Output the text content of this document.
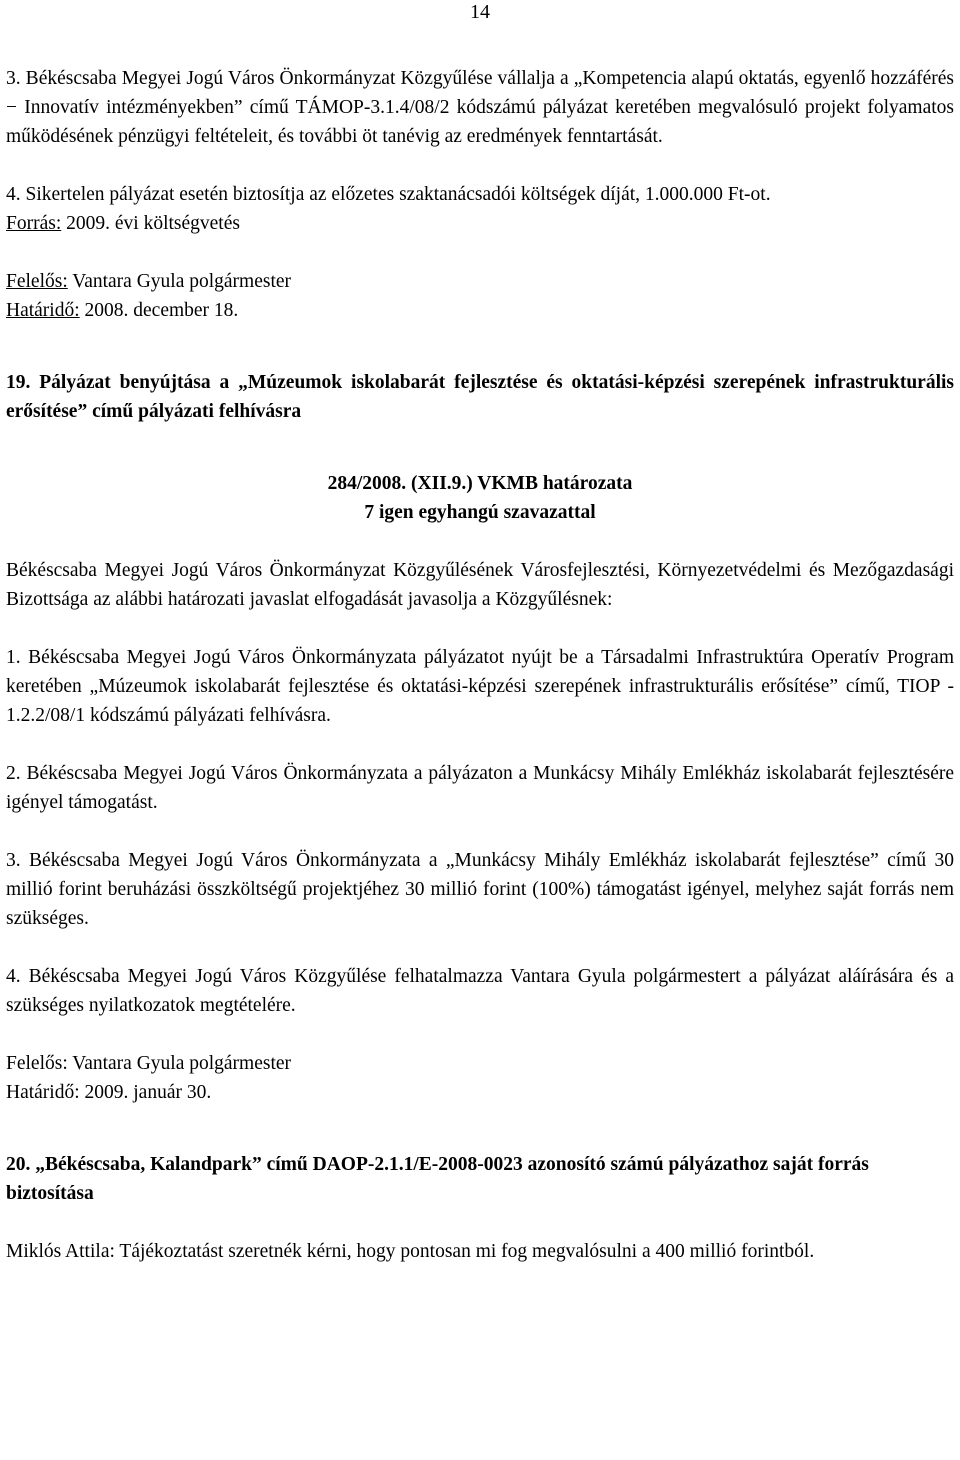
14

3. Békéscsaba Megyei Jogú Város Önkormányzat Közgyűlése vállalja a „Kompetencia alapú oktatás, egyenlő hozzáférés − Innovatív intézményekben” című TÁMOP-3.1.4/08/2 kódszámú pályázat keretében megvalósuló projekt folyamatos működésének pénzügyi feltételeit, és további öt tanévig az eredmények fenntartását.

4. Sikertelen pályázat esetén biztosítja az előzetes szaktanácsadói költségek díját, 1.000.000 Ft-ot.

Forrás: 2009. évi költségvetés

Felelős: Vantara Gyula polgármester

Határidő: 2008. december 18.

19. Pályázat benyújtása a „Múzeumok iskolabarát fejlesztése és oktatási-képzési szerepének infrastrukturális erősítése” című pályázati felhívásra

284/2008. (XII.9.) VKMB határozata

7 igen egyhangú szavazattal

Békéscsaba Megyei Jogú Város Önkormányzat Közgyűlésének Városfejlesztési, Környezetvédelmi és Mezőgazdasági Bizottsága az alábbi határozati javaslat elfogadását javasolja a Közgyűlésnek:

1. Békéscsaba Megyei Jogú Város Önkormányzata pályázatot nyújt be a Társadalmi Infrastruktúra Operatív Program keretében „Múzeumok iskolabarát fejlesztése és oktatási-képzési szerepének infrastrukturális erősítése” című, TIOP - 1.2.2/08/1 kódszámú pályázati felhívásra.

2. Békéscsaba Megyei Jogú Város Önkormányzata a pályázaton a Munkácsy Mihály Emlékház iskolabarát fejlesztésére igényel támogatást.

3. Békéscsaba Megyei Jogú Város Önkormányzata a „Munkácsy Mihály Emlékház iskolabarát fejlesztése” című 30 millió forint beruházási összköltségű projektjéhez 30 millió forint (100%) támogatást igényel, melyhez saját forrás nem szükséges.

4. Békéscsaba Megyei Jogú Város Közgyűlése felhatalmazza Vantara Gyula polgármestert a pályázat aláírására és a szükséges nyilatkozatok megtételére.

Felelős: Vantara Gyula polgármester

Határidő: 2009. január 30.

20. „Békéscsaba, Kalandpark” című DAOP-2.1.1/E-2008-0023 azonosító számú pályázathoz saját forrás biztosítása

Miklós Attila: Tájékoztatást szeretnék kérni, hogy pontosan mi fog megvalósulni a 400 millió forintból.
